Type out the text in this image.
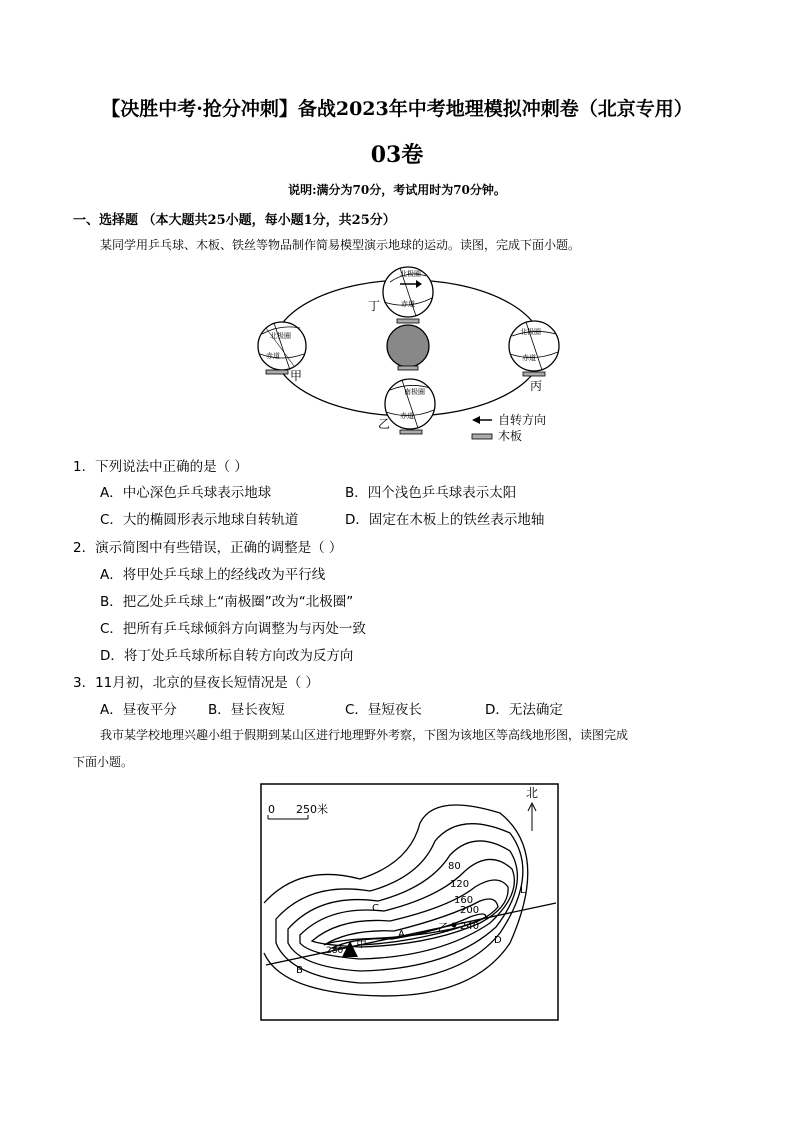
【决胜中考·抢分冲刺】备战2023年中考地理模拟冲刺卷（北京专用）
03卷
说明:满分为70分，考试用时为70分钟。
一、选择题 （本大题共25小题，每小题1分，共25分）
某同学用乒乓球、木板、铁丝等物品制作简易模型演示地球的运动。读图，完成下面小题。
北极圈
赤道
丁
北极圈
赤道
甲
北极圈
赤道
丙
南极圈
赤道
乙	自转方向
木板
1．下列说法中正确的是（ ）
A．中心深色乒乓球表示地球	B．四个浅色乒乓球表示太阳
C．大的椭圆形表示地球自转轨道	D．固定在木板上的铁丝表示地轴
2．演示简图中有些错误，正确的调整是（ ）
A．将甲处乒乓球上的经线改为平行线
B．把乙处乒乓球上“南极圈”改为“北极圈”
C．把所有乒乓球倾斜方向调整为与丙处一致
D．将丁处乒乓球所标自转方向改为反方向
3．11月初，北京的昼夜长短情况是（ ）
A．昼夜平分 B．昼长夜短	C．昼短夜长	D．无法确定
我市某学校地理兴趣小组于假期到某山区进行地理野外考察，下图为该地区等高线地形图，读图完成
下面小题。
0 250米
北
80
120
160
200
240
280
甲
乙
A
B
C
D
L
